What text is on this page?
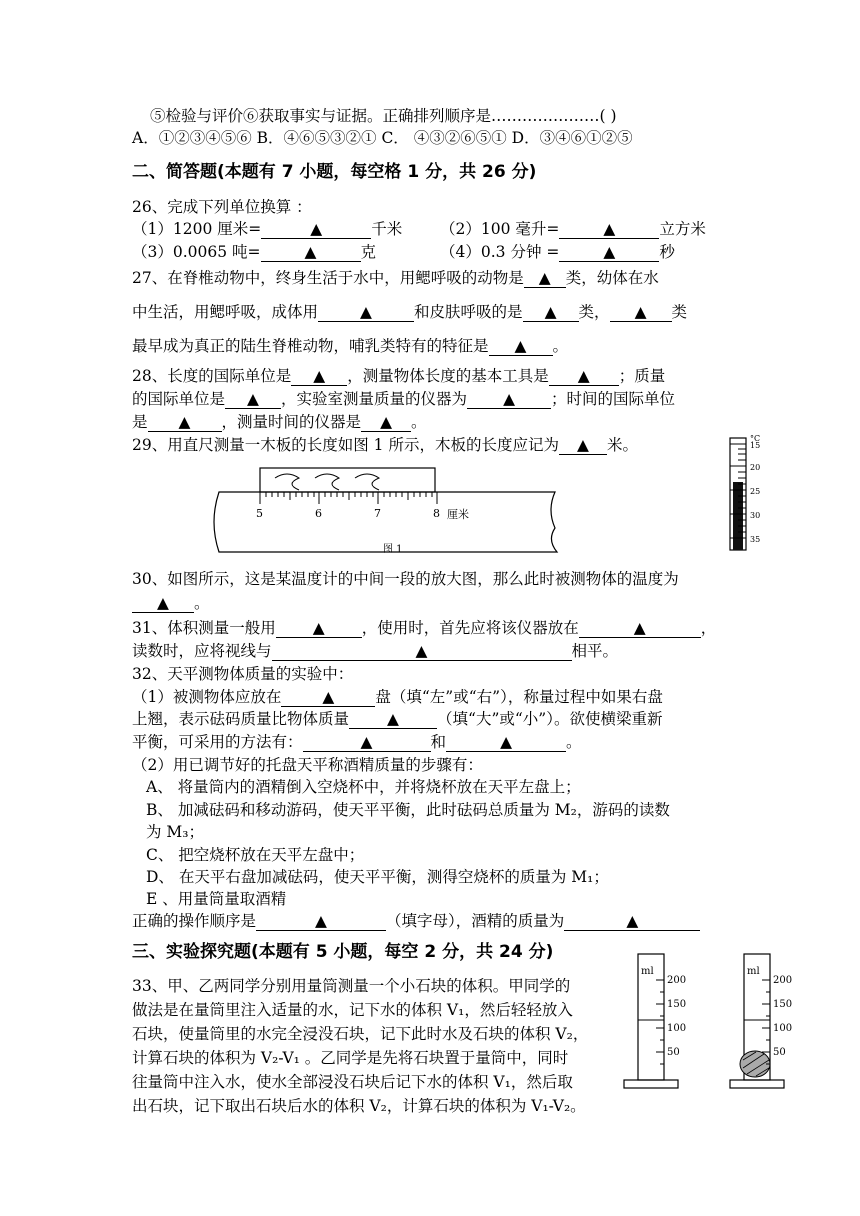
⑤检验与评价⑥获取事实与证据。正确排列顺序是…………………( )
A．①②③④⑤⑥ B．④⑥⑤③②① C． ④③②⑥⑤① D．③④⑥①②⑤
二、简答题(本题有 7 小题，每空格 1 分，共 26 分)
26、完成下列单位换算 ：
（1）1200 厘米=	▲	千米 （2）100 毫升=	▲	立方米
（3）0.0065 吨=	▲	克	（4）0.3 分钟 =	▲	秒
27、在脊椎动物中，终身生活于水中，用鳃呼吸的动物是 ▲ 类，幼体在水
中生活，用鳃呼吸，成体用	▲	和皮肤呼吸的是 ▲ 类， ▲ 类
最早成为真正的陆生脊椎动物，哺乳类特有的特征是 ▲ 。
28、长度的国际单位是 ▲ ，测量物体长度的基本工具是 ▲ ；质量
的国际单位是 ▲ ，实验室测量质量的仪器为 ▲ ；时间的国际单位
是 ▲ ，测量时间的仪器是 ▲ 。
29、用直尺测量一木板的长度如图 1 所示，木板的长度应记为 ▲ 米。
5	6	7	8 厘米
图 1
°C
15
20
25
30
35
30、如图所示，这是某温度计的中间一段的放大图，那么此时被测物体的温度为
▲ 。
31、体积测量一般用 ▲ ，使用时，首先应将该仪器放在	▲	，
读数时，应将视线与	▲	相平。
32、天平测物体质量的实验中：
（1）被测物体应放在	▲	盘（填“左”或“右”），称量过程中如果右盘
上翘，表示砝码质量比物体质量 ▲ （填“大”或“小”）。欲使横梁重新
平衡，可采用的方法有：	▲	和	▲	。
（2）用已调节好的托盘天平称酒精质量的步骤有：
A、 将量筒内的酒精倒入空烧杯中，并将烧杯放在天平左盘上；
B、 加减砝码和移动游码，使天平平衡，此时砝码总质量为 M₂，游码的读数
为 M₃；
C、 把空烧杯放在天平左盘中；
D、 在天平右盘加减砝码，使天平平衡，测得空烧杯的质量为 M₁；
E 、用量筒量取酒精
正确的操作顺序是	▲	（填字母），酒精的质量为	▲
三、实验探究题(本题有 5 小题，每空 2 分，共 24 分)
33、甲、乙两同学分别用量筒测量一个小石块的体积。甲同学的
做法是在量筒里注入适量的水，记下水的体积 V₁，然后轻轻放入
石块，使量筒里的水完全浸没石块，记下此时水及石块的体积 V₂，
计算石块的体积为 V₂-V₁ 。乙同学是先将石块置于量筒中，同时
往量筒中注入水，使水全部浸没石块后记下水的体积 V₁，然后取
出石块，记下取出石块后水的体积 V₂，计算石块的体积为 V₁-V₂。
ml
200
150
100
50
ml
200
150
100
50
